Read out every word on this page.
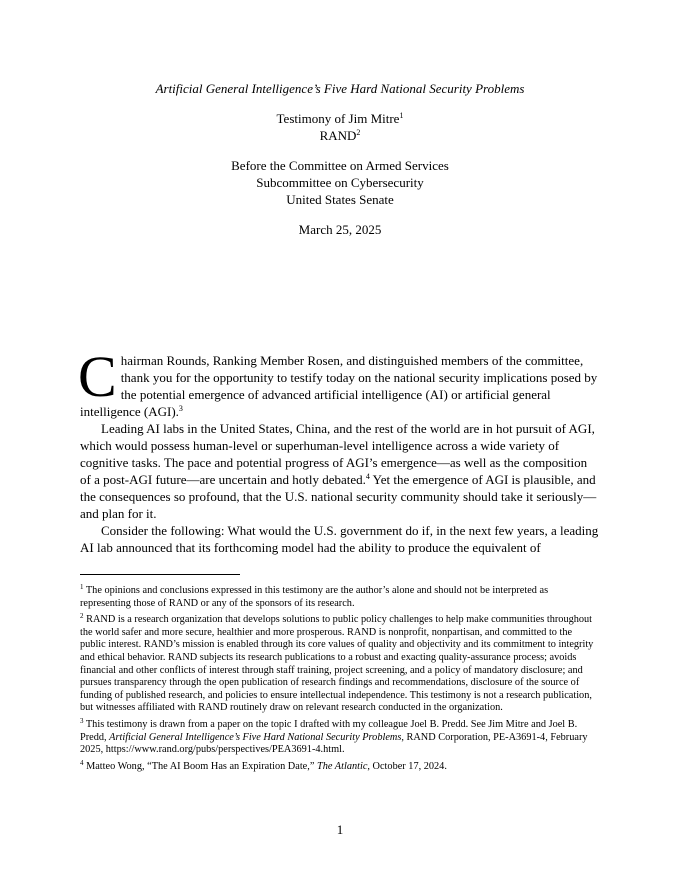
Artificial General Intelligence’s Five Hard National Security Problems
Testimony of Jim Mitre$^1$
RAND$^2$
Before the Committee on Armed Services
Subcommittee on Cybersecurity
United States Senate
March 25, 2025

Chairman Rounds, Ranking Member Rosen, and distinguished members of the committee, thank you for the opportunity to testify today on the national security implications posed by the potential emergence of advanced artificial intelligence (AI) or artificial general intelligence (AGI).$^3$

Leading AI labs in the United States, China, and the rest of the world are in hot pursuit of AGI, which would possess human-level or superhuman-level intelligence across a wide variety of cognitive tasks. The pace and potential progress of AGI’s emergence—as well as the composition of a post-AGI future—are uncertain and hotly debated.$^4$ Yet the emergence of AGI is plausible, and the consequences so profound, that the U.S. national security community should take it seriously—and plan for it.

Consider the following: What would the U.S. government do if, in the next few years, a leading AI lab announced that its forthcoming model had the ability to produce the equivalent of

$^1$ The opinions and conclusions expressed in this testimony are the author’s alone and should not be interpreted as representing those of RAND or any of the sponsors of its research.

$^2$ RAND is a research organization that develops solutions to public policy challenges to help make communities throughout the world safer and more secure, healthier and more prosperous. RAND is nonprofit, nonpartisan, and committed to the public interest. RAND’s mission is enabled through its core values of quality and objectivity and its commitment to integrity and ethical behavior. RAND subjects its research publications to a robust and exacting quality-assurance process; avoids financial and other conflicts of interest through staff training, project screening, and a policy of mandatory disclosure; and pursues transparency through the open publication of research findings and recommendations, disclosure of the source of funding of published research, and policies to ensure intellectual independence. This testimony is not a research publication, but witnesses affiliated with RAND routinely draw on relevant research conducted in the organization.

$^3$ This testimony is drawn from a paper on the topic I drafted with my colleague Joel B. Predd. See Jim Mitre and Joel B. Predd, Artificial General Intelligence’s Five Hard National Security Problems, RAND Corporation, PE-A3691-4, February 2025, https://www.rand.org/pubs/perspectives/PEA3691-4.html.

$^4$ Matteo Wong, “The AI Boom Has an Expiration Date,” The Atlantic, October 17, 2024.

1
